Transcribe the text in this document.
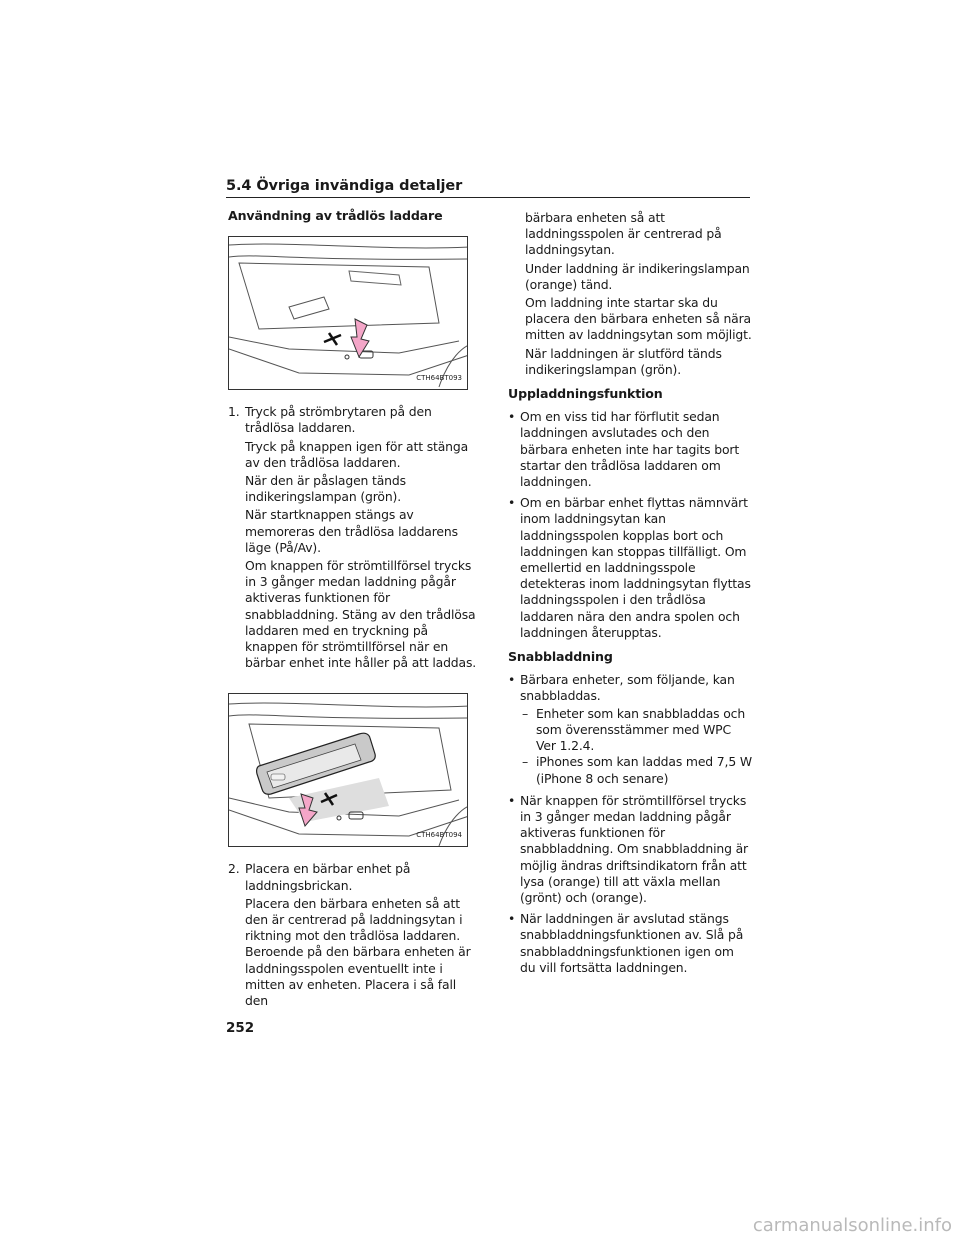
5.4 Övriga invändiga detaljer
Användning av trådlös laddare
CTH64BT093
1. Tryck på strömbrytaren på den trådlösa laddaren.

Tryck på knappen igen för att stänga av den trådlösa laddaren.

När den är påslagen tänds indikeringslampan (grön).

När startknappen stängs av memoreras den trådlösa laddarens läge (På/Av).

Om knappen för strömtillförsel trycks in 3 gånger medan laddning pågår aktiveras funktionen för snabbladdning. Stäng av den trådlösa laddaren med en tryckning på knappen för strömtillförsel när en bärbar enhet inte håller på att laddas.

CTH64BT094
2. Placera en bärbar enhet på laddningsbrickan.

Placera den bärbara enheten så att den är centrerad på laddningsytan i riktning mot den trådlösa laddaren. Beroende på den bärbara enheten är laddningsspolen eventuellt inte i mitten av enheten. Placera i så fall den

bärbara enheten så att laddningsspolen är centrerad på laddningsytan.

Under laddning är indikeringslampan (orange) tänd.

Om laddning inte startar ska du placera den bärbara enheten så nära mitten av laddningsytan som möjligt.

När laddningen är slutförd tänds indikeringslampan (grön).

Uppladdningsfunktion
• Om en viss tid har förflutit sedan laddningen avslutades och den bärbara enheten inte har tagits bort startar den trådlösa laddaren om laddningen.
• Om en bärbar enhet flyttas nämnvärt inom laddningsytan kan laddningsspolen kopplas bort och laddningen kan stoppas tillfälligt. Om emellertid en laddningsspole detekteras inom laddningsytan flyttas laddningsspolen i den trådlösa laddaren nära den andra spolen och laddningen återupptas.
Snabbladdning
• Bärbara enheter, som följande, kan snabbladdas.
– Enheter som kan snabbladdas och som överensstämmer med WPC Ver 1.2.4.
– iPhones som kan laddas med 7,5 W (iPhone 8 och senare)
• När knappen för strömtillförsel trycks in 3 gånger medan laddning pågår aktiveras funktionen för snabbladdning. Om snabbladdning är möjlig ändras driftsindikatorn från att lysa (orange) till att växla mellan (grönt) och (orange).
• När laddningen är avslutad stängs snabbladdningsfunktionen av. Slå på snabbladdningsfunktionen igen om du vill fortsätta laddningen.
252
carmanualsonline.info
